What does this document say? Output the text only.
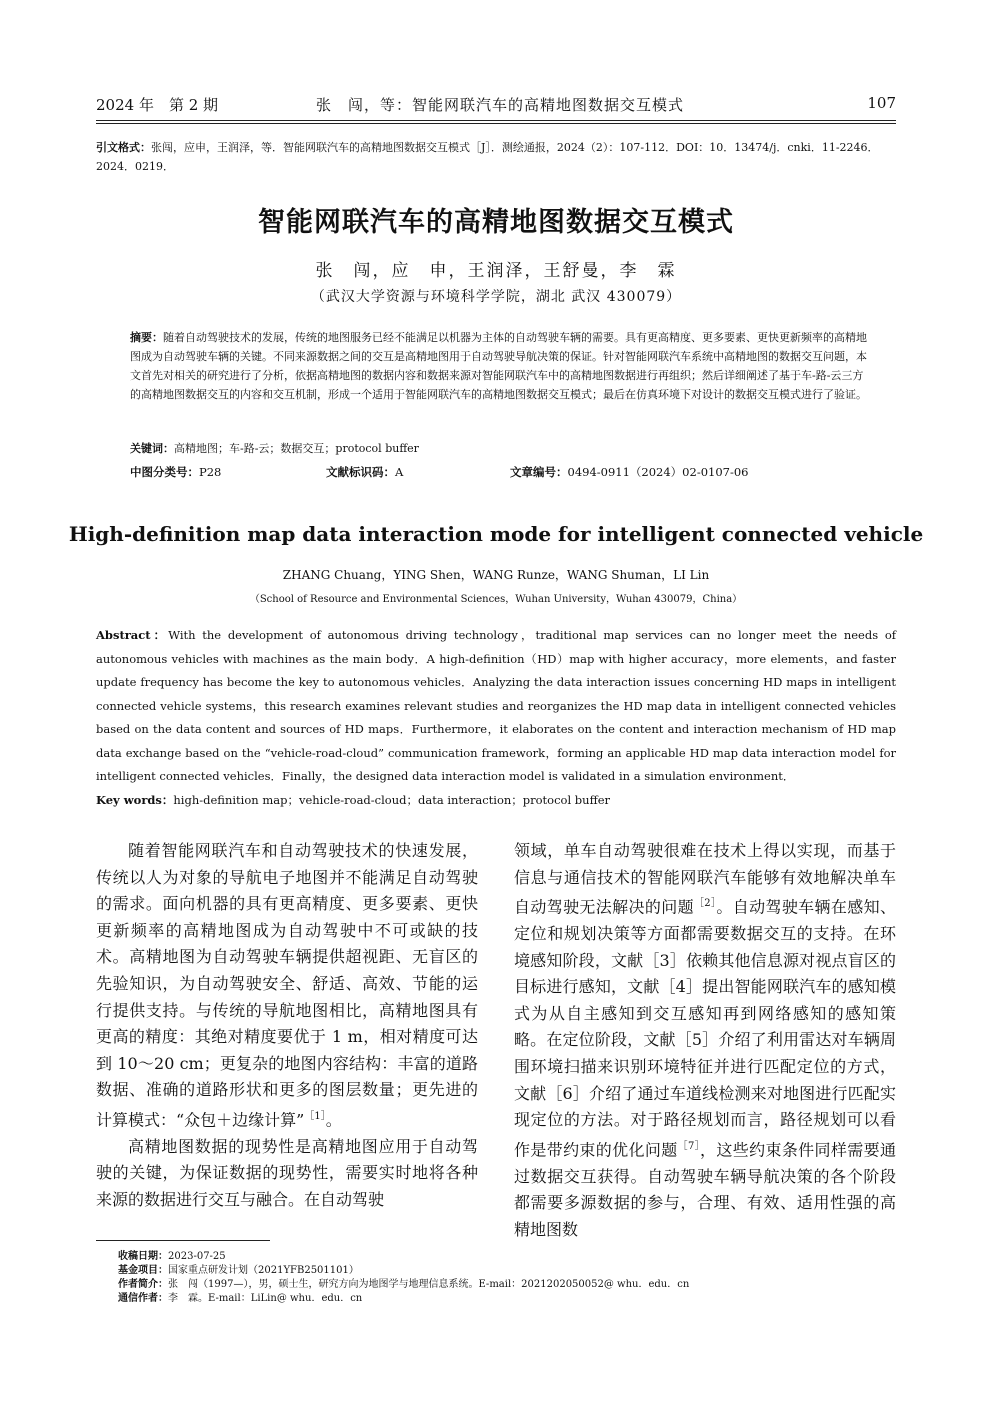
2024 年　第 2 期	张　闯，等：智能网联汽车的高精地图数据交互模式	107
引文格式：张闯，应申，王润泽，等．智能网联汽车的高精地图数据交互模式［J］．测绘通报，2024（2）：107-112．DOI：10．13474/j．cnki．11-2246．2024．0219．
智能网联汽车的高精地图数据交互模式
张　闯，应　申，王润泽，王舒曼，李　霖
（武汉大学资源与环境科学学院，湖北 武汉 430079）
摘要：随着自动驾驶技术的发展，传统的地图服务已经不能满足以机器为主体的自动驾驶车辆的需要。具有更高精度、更多要素、更快更新频率的高精地图成为自动驾驶车辆的关键。不同来源数据之间的交互是高精地图用于自动驾驶导航决策的保证。针对智能网联汽车系统中高精地图的数据交互问题，本文首先对相关的研究进行了分析，依据高精地图的数据内容和数据来源对智能网联汽车中的高精地图数据进行再组织；然后详细阐述了基于车-路-云三方的高精地图数据交互的内容和交互机制，形成一个适用于智能网联汽车的高精地图数据交互模式；最后在仿真环境下对设计的数据交互模式进行了验证。
关键词：高精地图；车-路-云；数据交互；protocol buffer
中图分类号：P28	文献标识码：A	文章编号：0494-0911（2024）02-0107-06
High-definition map data interaction mode for intelligent connected vehicle
ZHANG Chuang，YING Shen，WANG Runze，WANG Shuman，LI Lin
（School of Resource and Environmental Sciences，Wuhan University，Wuhan 430079，China）
Abstract：With the development of autonomous driving technology，traditional map services can no longer meet the needs of autonomous vehicles with machines as the main body．A high-definition（HD）map with higher accuracy，more elements，and faster update frequency has become the key to autonomous vehicles．Analyzing the data interaction issues concerning HD maps in intelligent connected vehicle systems，this research examines relevant studies and reorganizes the HD map data in intelligent connected vehicles based on the data content and sources of HD maps．Furthermore，it elaborates on the content and interaction mechanism of HD map data exchange based on the “vehicle-road-cloud” communication framework，forming an applicable HD map data interaction model for intelligent connected vehicles．Finally，the designed data interaction model is validated in a simulation environment．
Key words：high-definition map；vehicle-road-cloud；data interaction；protocol buffer

随着智能网联汽车和自动驾驶技术的快速发展，传统以人为对象的导航电子地图并不能满足自动驾驶的需求。面向机器的具有更高精度、更多要素、更快更新频率的高精地图成为自动驾驶中不可或缺的技术。高精地图为自动驾驶车辆提供超视距、无盲区的先验知识，为自动驾驶安全、舒适、高效、节能的运行提供支持。与传统的导航地图相比，高精地图具有更高的精度：其绝对精度要优于 1 m，相对精度可达到 10～20 cm；更复杂的地图内容结构：丰富的道路数据、准确的道路形状和更多的图层数量；更先进的计算模式：“众包＋边缘计算”$^{[1]}$。

高精地图数据的现势性是高精地图应用于自动驾驶的关键，为保证数据的现势性，需要实时地将各种来源的数据进行交互与融合。在自动驾驶

领域，单车自动驾驶很难在技术上得以实现，而基于信息与通信技术的智能网联汽车能够有效地解决单车自动驾驶无法解决的问题$^{[2]}$。自动驾驶车辆在感知、定位和规划决策等方面都需要数据交互的支持。在环境感知阶段，文献［3］依赖其他信息源对视点盲区的目标进行感知，文献［4］提出智能网联汽车的感知模式为从自主感知到交互感知再到网络感知的感知策略。在定位阶段，文献［5］介绍了利用雷达对车辆周围环境扫描来识别环境特征并进行匹配定位的方式，文献［6］介绍了通过车道线检测来对地图进行匹配实现定位的方法。对于路径规划而言，路径规划可以看作是带约束的优化问题$^{[7]}$，这些约束条件同样需要通过数据交互获得。自动驾驶车辆导航决策的各个阶段都需要多源数据的参与，合理、有效、适用性强的高精地图数

收稿日期：2023-07-25
基金项目：国家重点研发计划（2021YFB2501101）
作者简介：张　闯（1997—），男，硕士生，研究方向为地图学与地理信息系统。E-mail：2021202050052@ whu．edu．cn
通信作者：李　霖。E-mail：LiLin@ whu．edu．cn
